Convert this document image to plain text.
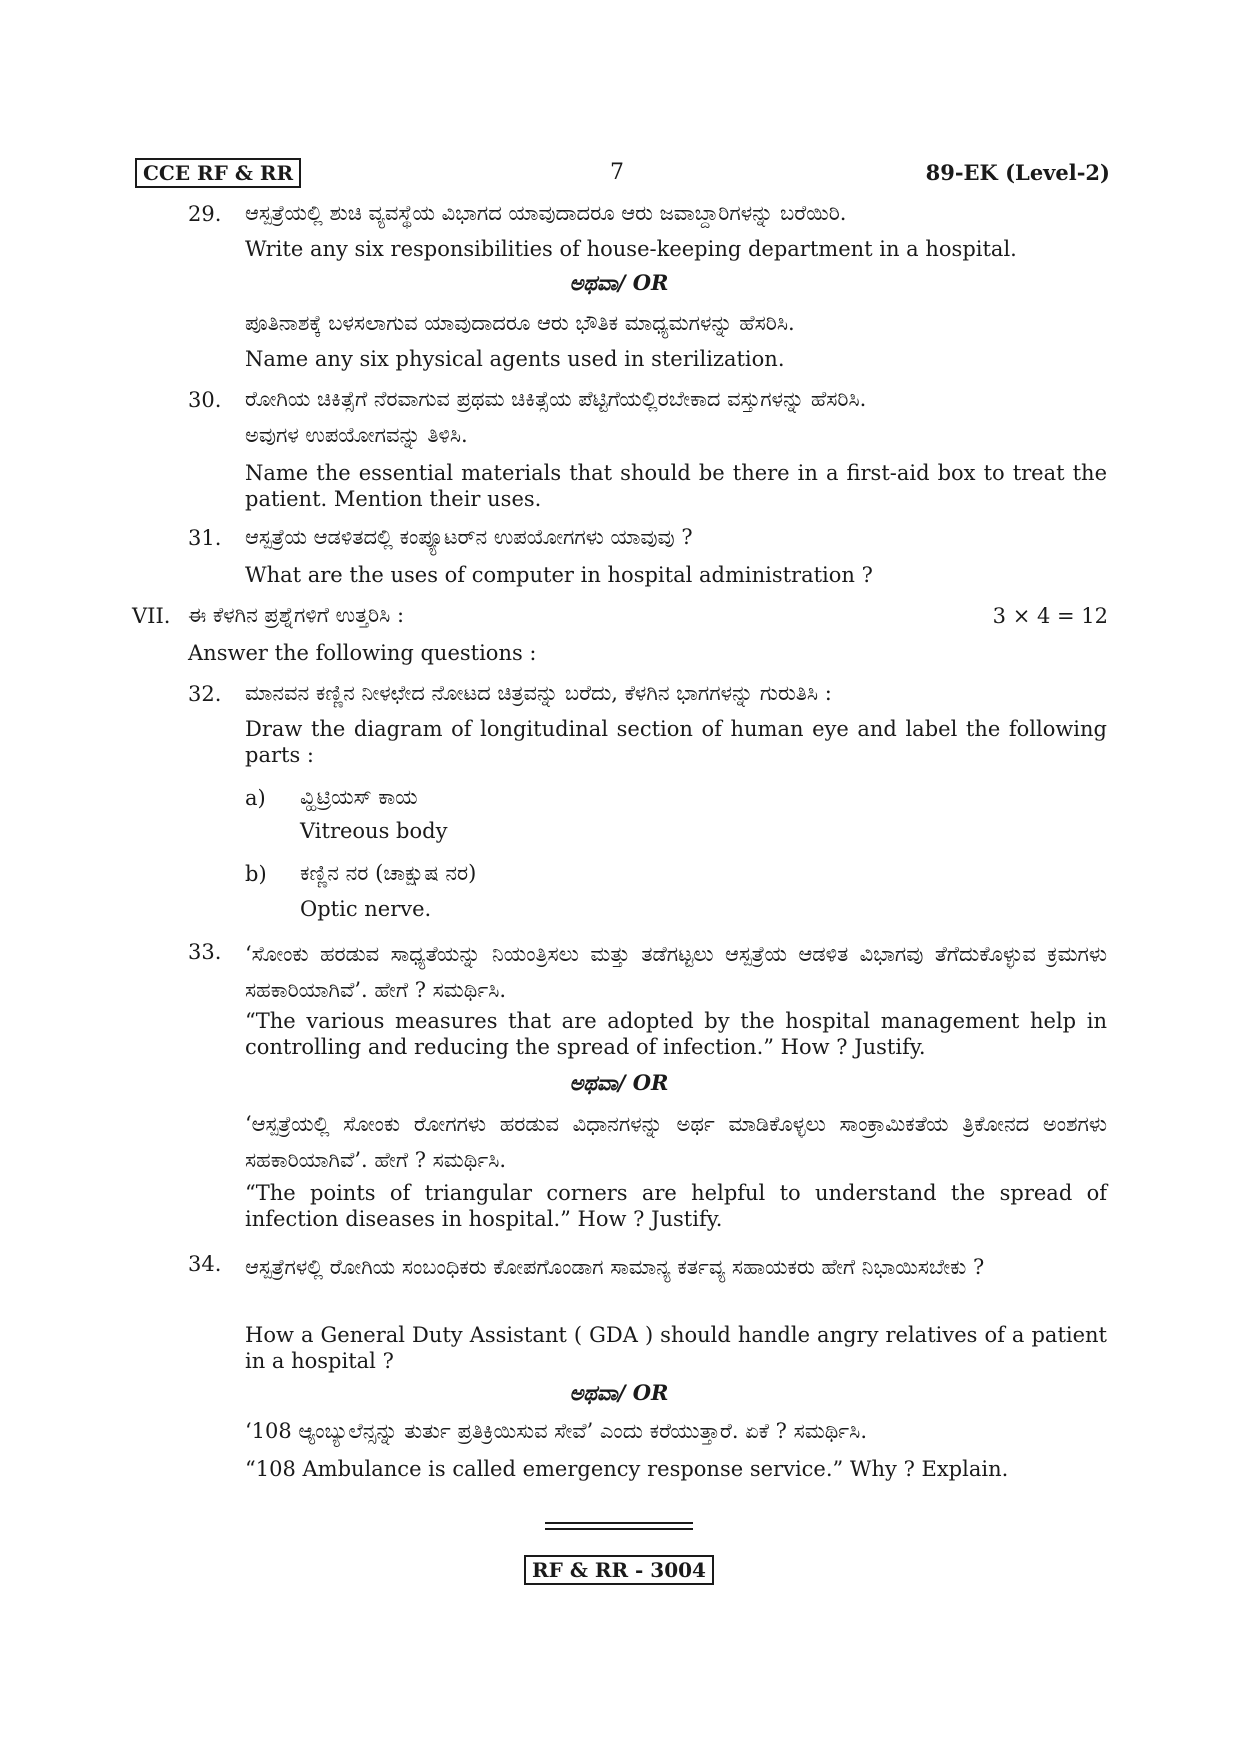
CCE RF & RR	7	89-EK (Level-2)
29. ಆಸ್ಪತ್ರೆಯಲ್ಲಿ ಶುಚಿ ವ್ಯವಸ್ಥೆಯ ವಿಭಾಗದ ಯಾವುದಾದರೂ ಆರು ಜವಾಬ್ದಾರಿಗಳನ್ನು ಬರೆಯಿರಿ.
Write any six responsibilities of house-keeping department in a hospital.
ಅಥವಾ/ OR
ಪೂತಿನಾಶಕ್ಕೆ ಬಳಸಲಾಗುವ ಯಾವುದಾದರೂ ಆರು ಭೌತಿಕ ಮಾಧ್ಯಮಗಳನ್ನು ಹೆಸರಿಸಿ.
Name any six physical agents used in sterilization.
30. ರೋಗಿಯ ಚಿಕಿತ್ಸೆಗೆ ನೆರವಾಗುವ ಪ್ರಥಮ ಚಿಕಿತ್ಸೆಯ ಪೆಟ್ಟಿಗೆಯಲ್ಲಿರಬೇಕಾದ ವಸ್ತುಗಳನ್ನು ಹೆಸರಿಸಿ.
ಅವುಗಳ ಉಪಯೋಗವನ್ನು ತಿಳಿಸಿ.
Name the essential materials that should be there in a first-aid box to treat the patient. Mention their uses.
31. ಆಸ್ಪತ್ರೆಯ ಆಡಳಿತದಲ್ಲಿ ಕಂಪ್ಯೂಟರ್‌ನ ಉಪಯೋಗಗಳು ಯಾವುವು ?
What are the uses of computer in hospital administration ?
VII. ಈ ಕೆಳಗಿನ ಪ್ರಶ್ನೆಗಳಿಗೆ ಉತ್ತರಿಸಿ :	3 × 4 = 12
Answer the following questions :
32. ಮಾನವನ ಕಣ್ಣಿನ ನೀಳಛೇದ ನೋಟದ ಚಿತ್ರವನ್ನು ಬರೆದು, ಕೆಳಗಿನ ಭಾಗಗಳನ್ನು ಗುರುತಿಸಿ :
Draw the diagram of longitudinal section of human eye and label the following parts :
a) ವ್ಹಿಟ್ರಿಯಸ್ ಕಾಯ
Vitreous body
b) ಕಣ್ಣಿನ ನರ (ಚಾಕ್ಷುಷ ನರ)
Optic nerve.
33. ‘ಸೋಂಕು ಹರಡುವ ಸಾಧ್ಯತೆಯನ್ನು ನಿಯಂತ್ರಿಸಲು ಮತ್ತು ತಡೆಗಟ್ಟಲು ಆಸ್ಪತ್ರೆಯ ಆಡಳಿತ ವಿಭಾಗವು ತೆಗೆದುಕೊಳ್ಳುವ ಕ್ರಮಗಳು ಸಹಕಾರಿಯಾಗಿವೆ’. ಹೇಗೆ ? ಸಮರ್ಥಿಸಿ.
“The various measures that are adopted by the hospital management help in controlling and reducing the spread of infection.” How ? Justify.
ಅಥವಾ/ OR
‘ಆಸ್ಪತ್ರೆಯಲ್ಲಿ ಸೋಂಕು ರೋಗಗಳು ಹರಡುವ ವಿಧಾನಗಳನ್ನು ಅರ್ಥ ಮಾಡಿಕೊಳ್ಳಲು ಸಾಂಕ್ರಾಮಿಕತೆಯ ತ್ರಿಕೋನದ ಅಂಶಗಳು ಸಹಕಾರಿಯಾಗಿವೆ’. ಹೇಗೆ ? ಸಮರ್ಥಿಸಿ.
“The points of triangular corners are helpful to understand the spread of infection diseases in hospital.” How ? Justify.
34. ಆಸ್ಪತ್ರೆಗಳಲ್ಲಿ ರೋಗಿಯ ಸಂಬಂಧಿಕರು ಕೋಪಗೊಂಡಾಗ ಸಾಮಾನ್ಯ ಕರ್ತವ್ಯ ಸಹಾಯಕರು ಹೇಗೆ ನಿಭಾಯಿಸಬೇಕು ?
How a General Duty Assistant ( GDA ) should handle angry relatives of a patient in a hospital ?
ಅಥವಾ/ OR
‘108 ಆ್ಯಂಬ್ಯುಲೆನ್ಸನ್ನು ತುರ್ತು ಪ್ರತಿಕ್ರಿಯಿಸುವ ಸೇವೆ’ ಎಂದು ಕರೆಯುತ್ತಾರೆ. ಏಕೆ ? ಸಮರ್ಥಿಸಿ.
“108 Ambulance is called emergency response service.” Why ? Explain.
RF & RR - 3004
